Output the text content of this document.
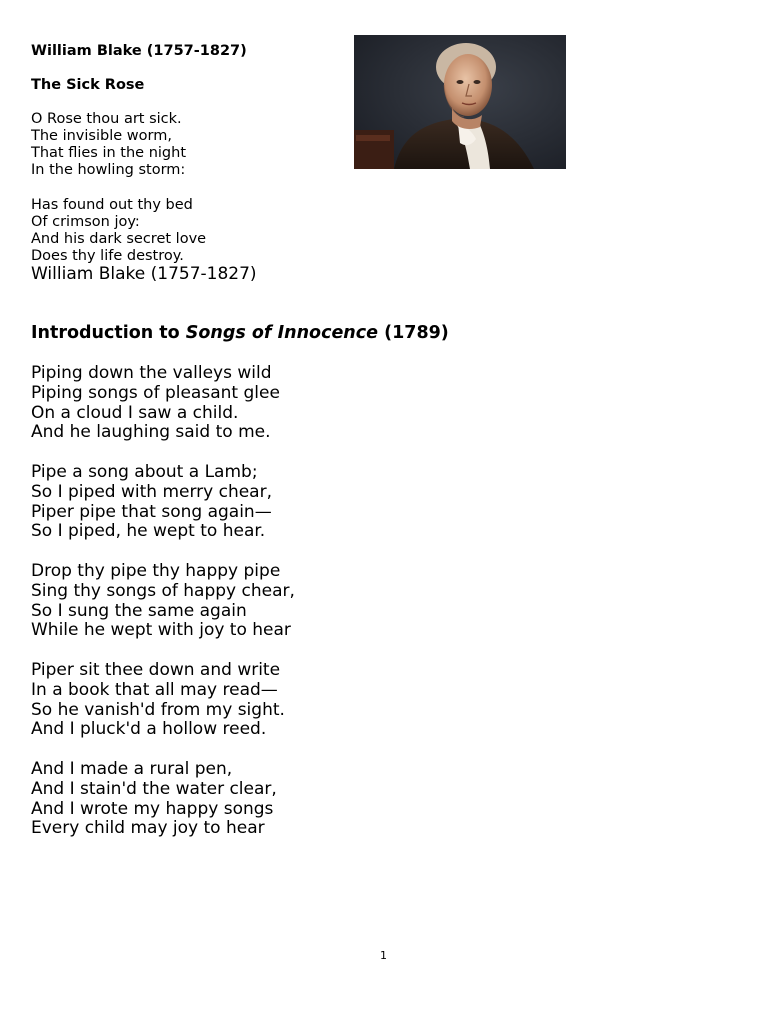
William Blake (1757-1827)
The Sick Rose
O Rose thou art sick.
The invisible worm,
That flies in the night
In the howling storm:
Has found out thy bed
Of crimson joy:
And his dark secret love
Does thy life destroy.
William Blake (1757-1827)
Introduction to Songs of Innocence (1789)
Piping down the valleys wild
Piping songs of pleasant glee
On a cloud I saw a child.
And he laughing said to me.
Pipe a song about a Lamb;
So I piped with merry chear,
Piper pipe that song again—
So I piped, he wept to hear.
Drop thy pipe thy happy pipe
Sing thy songs of happy chear,
So I sung the same again
While he wept with joy to hear
Piper sit thee down and write
In a book that all may read—
So he vanish'd from my sight.
And I pluck'd a hollow reed.
And I made a rural pen,
And I stain'd the water clear,
And I wrote my happy songs
Every child may joy to hear
1
